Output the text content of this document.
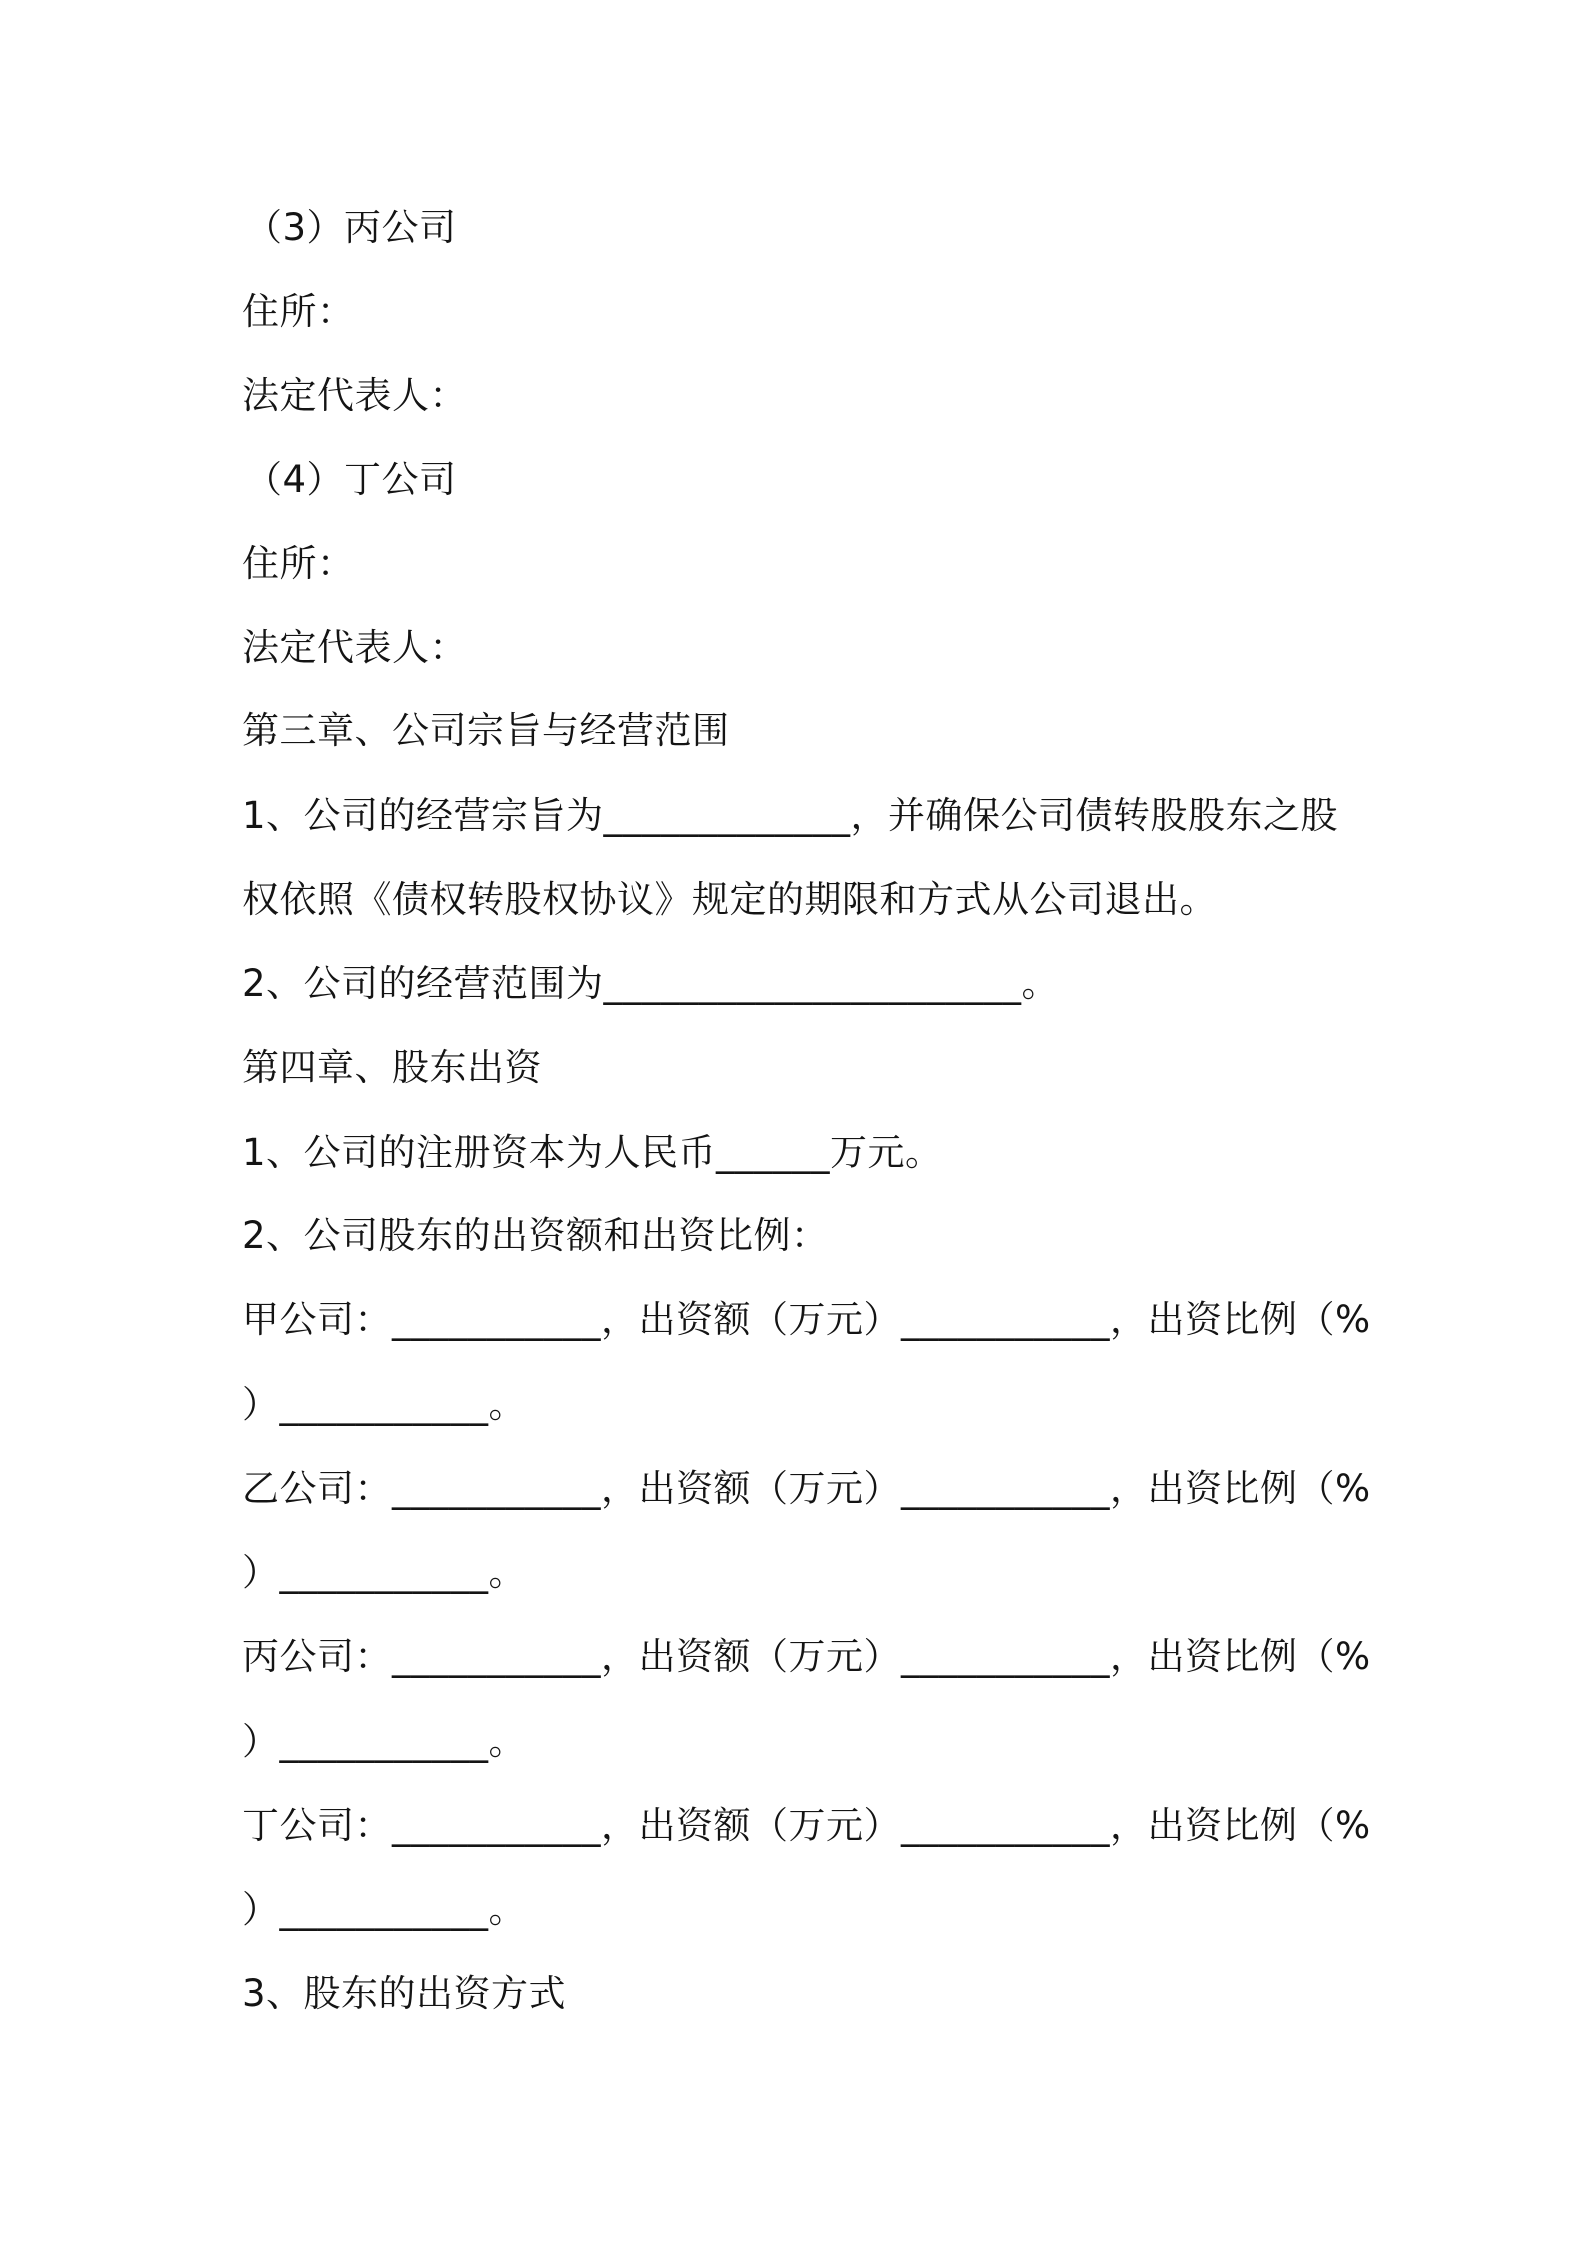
（3）丙公司
住所：
法定代表人：
（4）丁公司
住所：
法定代表人：
第三章、公司宗旨与经营范围
1、公司的经营宗旨为_____________，并确保公司债转股股东之股
权依照《债权转股权协议》规定的期限和方式从公司退出。
2、公司的经营范围为______________________。
第四章、股东出资
1、公司的注册资本为人民币______万元。
2、公司股东的出资额和出资比例：
甲公司：___________，出资额（万元）___________，出资比例（%
）___________。
乙公司：___________，出资额（万元）___________，出资比例（%
）___________。
丙公司：___________，出资额（万元）___________，出资比例（%
）___________。
丁公司：___________，出资额（万元）___________，出资比例（%
）___________。
3、股东的出资方式
